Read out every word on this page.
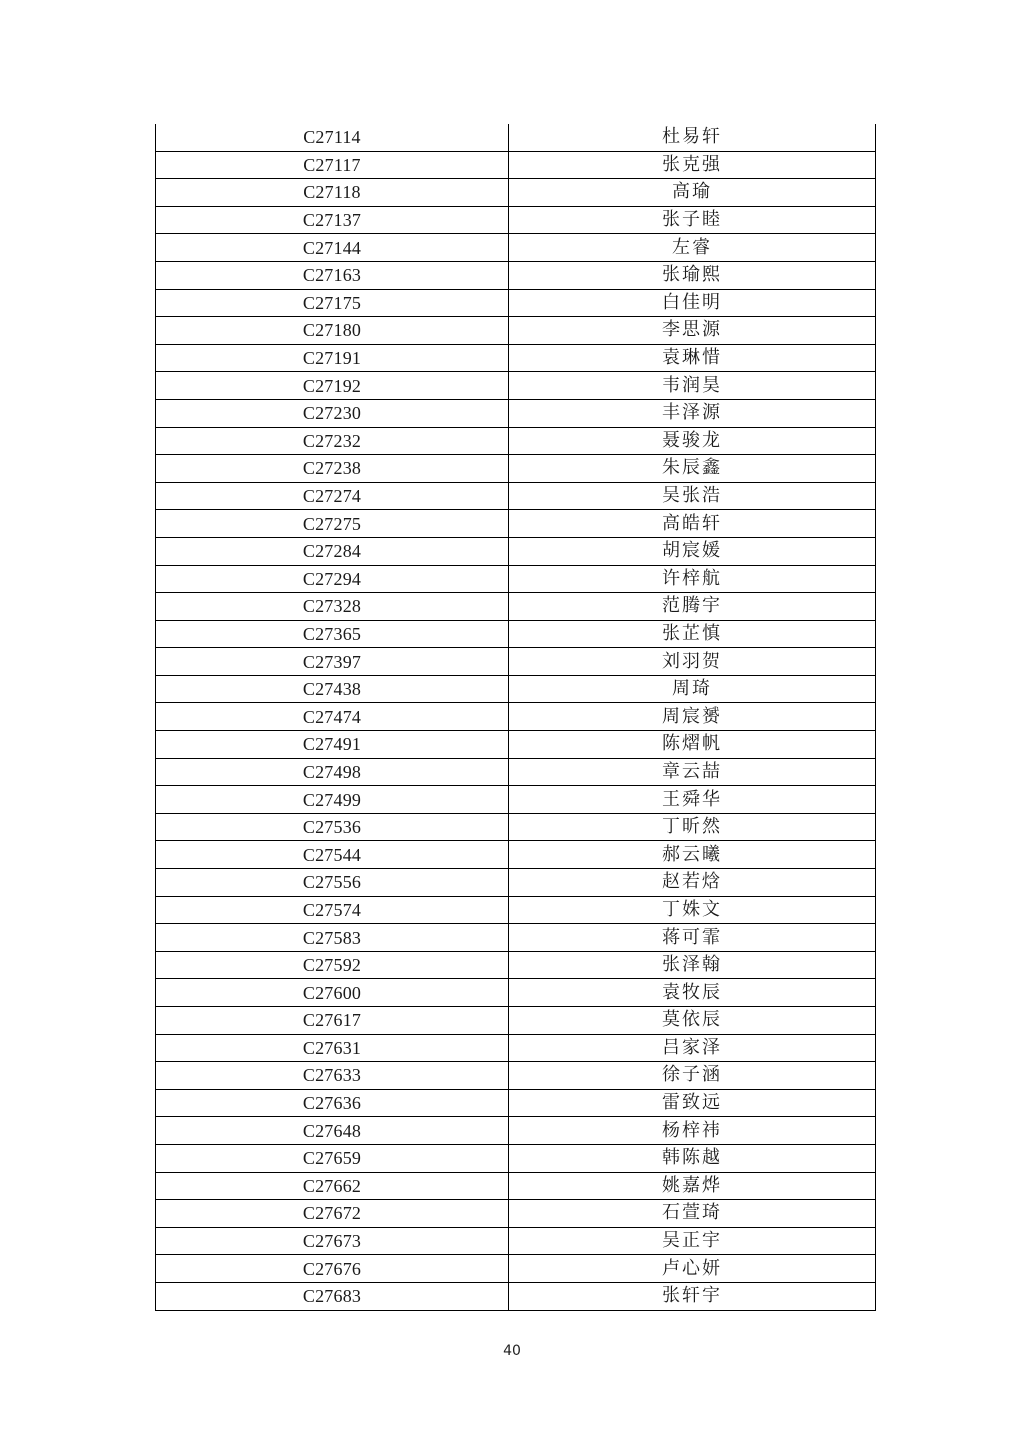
C27114	杜易轩
C27117	张克强
C27118	高瑜
C27137	张子睦
C27144	左睿
C27163	张瑜熙
C27175	白佳明
C27180	李思源
C27191	袁琳惜
C27192	韦润昊
C27230	丰泽源
C27232	聂骏龙
C27238	朱辰鑫
C27274	吴张浩
C27275	高皓轩
C27284	胡宸媛
C27294	许梓航
C27328	范腾宇
C27365	张芷慎
C27397	刘羽贺
C27438	周琦
C27474	周宸赟
C27491	陈熠帆
C27498	章云喆
C27499	王舜华
C27536	丁昕然
C27544	郝云曦
C27556	赵若焓
C27574	丁姝文
C27583	蒋可霏
C27592	张泽翰
C27600	袁牧辰
C27617	莫依辰
C27631	吕家泽
C27633	徐子涵
C27636	雷致远
C27648	杨梓祎
C27659	韩陈越
C27662	姚嘉烨
C27672	石萱琦
C27673	吴正宇
C27676	卢心妍
C27683	张轩宇
40
